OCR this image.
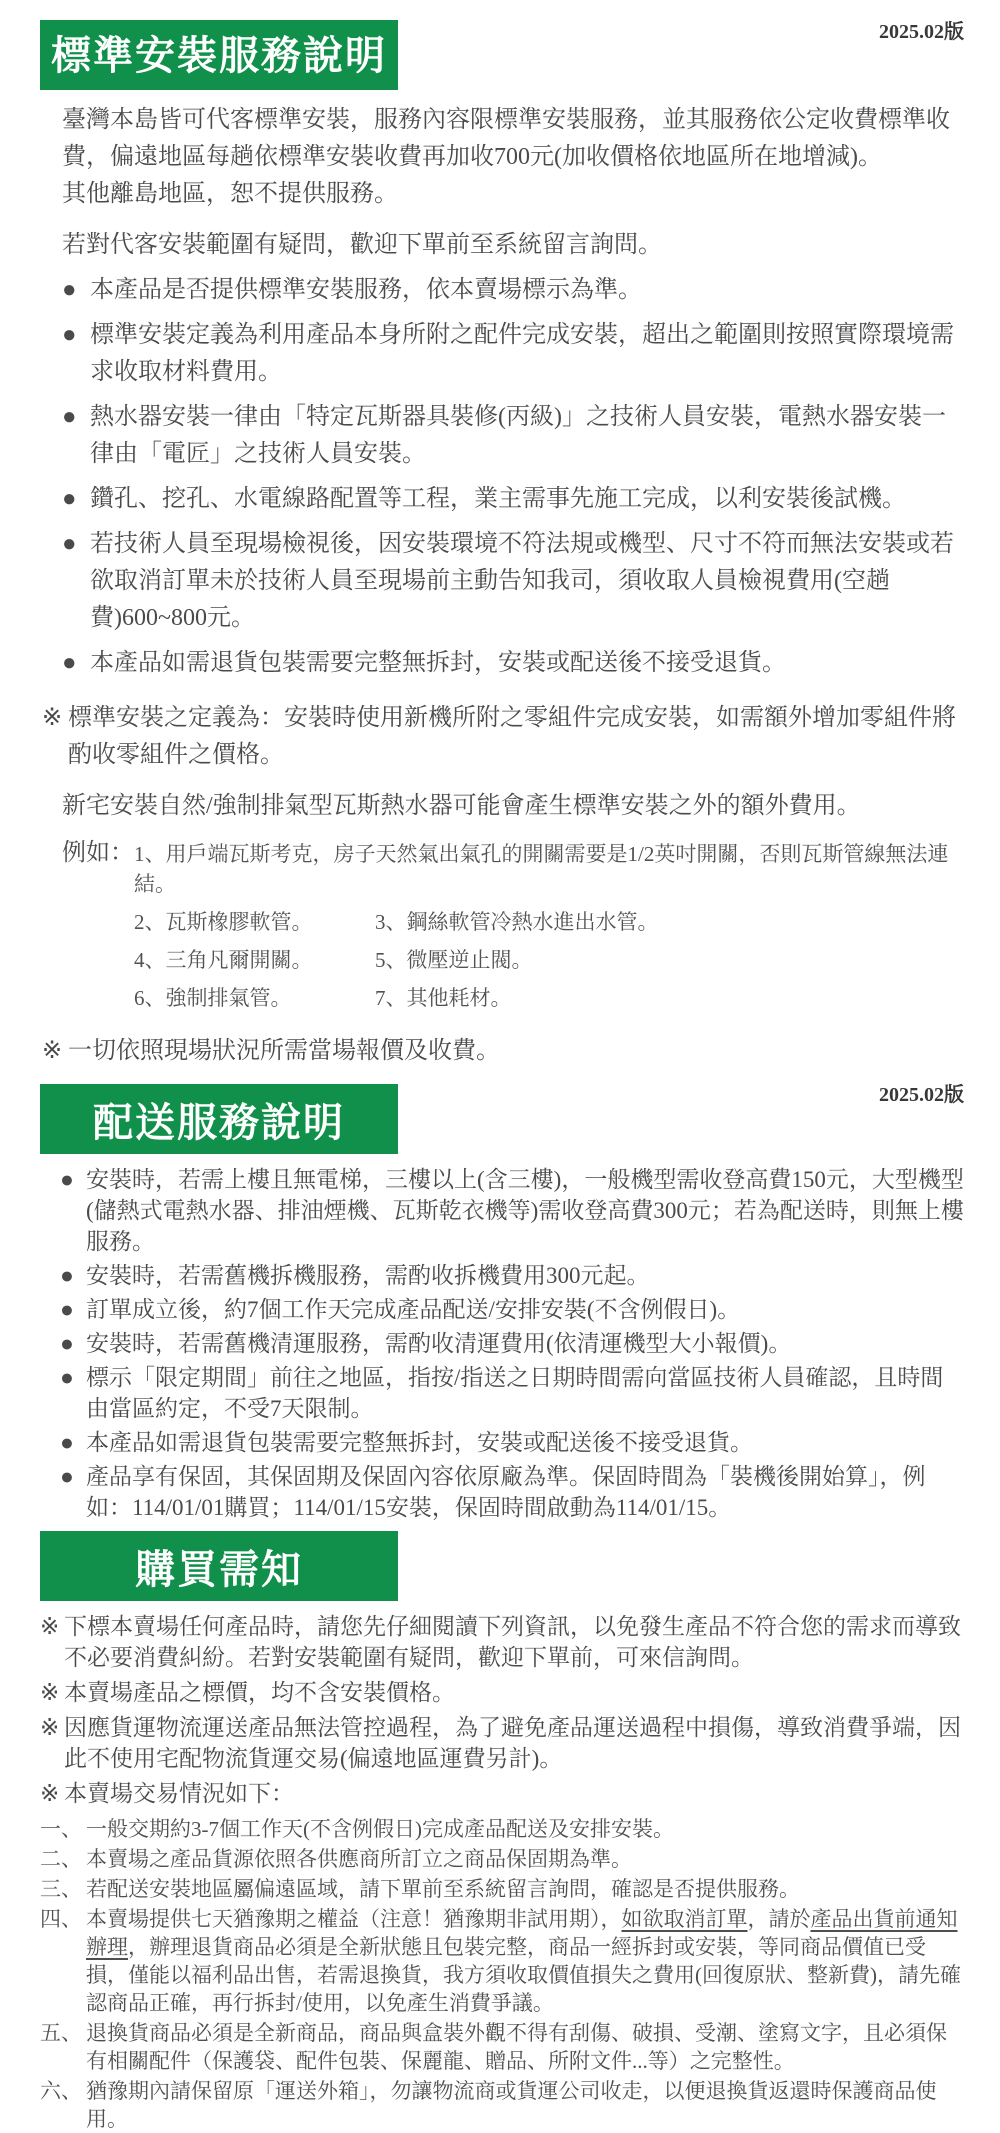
2025.02版
標準安裝服務說明
臺灣本島皆可代客標準安裝，服務內容限標準安裝服務，並其服務依公定收費標準收費，偏遠地區每趟依標準安裝收費再加收700元(加收價格依地區所在地增減)。
其他離島地區，恕不提供服務。
若對代客安裝範圍有疑問，歡迎下單前至系統留言詢問。
● 本產品是否提供標準安裝服務，依本賣場標示為準。
● 標準安裝定義為利用產品本身所附之配件完成安裝，超出之範圍則按照實際環境需求收取材料費用。
● 熱水器安裝一律由「特定瓦斯器具裝修(丙級)」之技術人員安裝，電熱水器安裝一律由「電匠」之技術人員安裝。
● 鑽孔、挖孔、水電線路配置等工程，業主需事先施工完成，以利安裝後試機。
● 若技術人員至現場檢視後，因安裝環境不符法規或機型、尺寸不符而無法安裝或若欲取消訂單未於技術人員至現場前主動告知我司，須收取人員檢視費用(空趟費)600~800元。
● 本產品如需退貨包裝需要完整無拆封，安裝或配送後不接受退貨。
※ 標準安裝之定義為：安裝時使用新機所附之零組件完成安裝，如需額外增加零組件將酌收零組件之價格。
新宅安裝自然/強制排氣型瓦斯熱水器可能會產生標準安裝之外的額外費用。
例如： 1、用戶端瓦斯考克，房子天然氣出氣孔的開關需要是1/2英吋開關，否則瓦斯管線無法連結。
2、瓦斯橡膠軟管。	3、鋼絲軟管冷熱水進出水管。
4、三角凡爾開關。	5、微壓逆止閥。
6、強制排氣管。	7、其他耗材。
※ 一切依照現場狀況所需當場報價及收費。
2025.02版
配送服務說明
● 安裝時，若需上樓且無電梯，三樓以上(含三樓)，一般機型需收登高費150元，大型機型 (儲熱式電熱水器、排油煙機、瓦斯乾衣機等)需收登高費300元；若為配送時，則無上樓服務。
● 安裝時，若需舊機拆機服務，需酌收拆機費用300元起。
● 訂單成立後，約7個工作天完成產品配送/安排安裝(不含例假日)。
● 安裝時，若需舊機清運服務，需酌收清運費用(依清運機型大小報價)。
● 標示「限定期間」前往之地區，指按/指送之日期時間需向當區技術人員確認，且時間由當區約定，不受7天限制。
● 本產品如需退貨包裝需要完整無拆封，安裝或配送後不接受退貨。
● 產品享有保固，其保固期及保固內容依原廠為準。保固時間為「裝機後開始算」，例如：114/01/01購買；114/01/15安裝，保固時間啟動為114/01/15。
購買需知
※ 下標本賣場任何產品時，請您先仔細閱讀下列資訊，以免發生產品不符合您的需求而導致不必要消費糾紛。若對安裝範圍有疑問，歡迎下單前，可來信詢問。
※ 本賣場產品之標價，均不含安裝價格。
※ 因應貨運物流運送產品無法管控過程，為了避免產品運送過程中損傷，導致消費爭端，因此不使用宅配物流貨運交易(偏遠地區運費另計)。
※ 本賣場交易情況如下：
一、 一般交期約3-7個工作天(不含例假日)完成產品配送及安排安裝。
二、 本賣場之產品貨源依照各供應商所訂立之商品保固期為準。
三、 若配送安裝地區屬偏遠區域，請下單前至系統留言詢問，確認是否提供服務。
四、 本賣場提供七天猶豫期之權益（注意！猶豫期非試用期），如欲取消訂單，請於產品出貨前通知辦理，辦理退貨商品必須是全新狀態且包裝完整，商品一經拆封或安裝，等同商品價值已受損，僅能以福利品出售，若需退換貨，我方須收取價值損失之費用(回復原狀、整新費)，請先確認商品正確，再行拆封/使用，以免產生消費爭議。
五、 退換貨商品必須是全新商品，商品與盒裝外觀不得有刮傷、破損、受潮、塗寫文字，且必須保有相關配件（保護袋、配件包裝、保麗龍、贈品、所附文件...等）之完整性。
六、 猶豫期內請保留原「運送外箱」，勿讓物流商或貨運公司收走，以便退換貨返還時保護商品使用。
